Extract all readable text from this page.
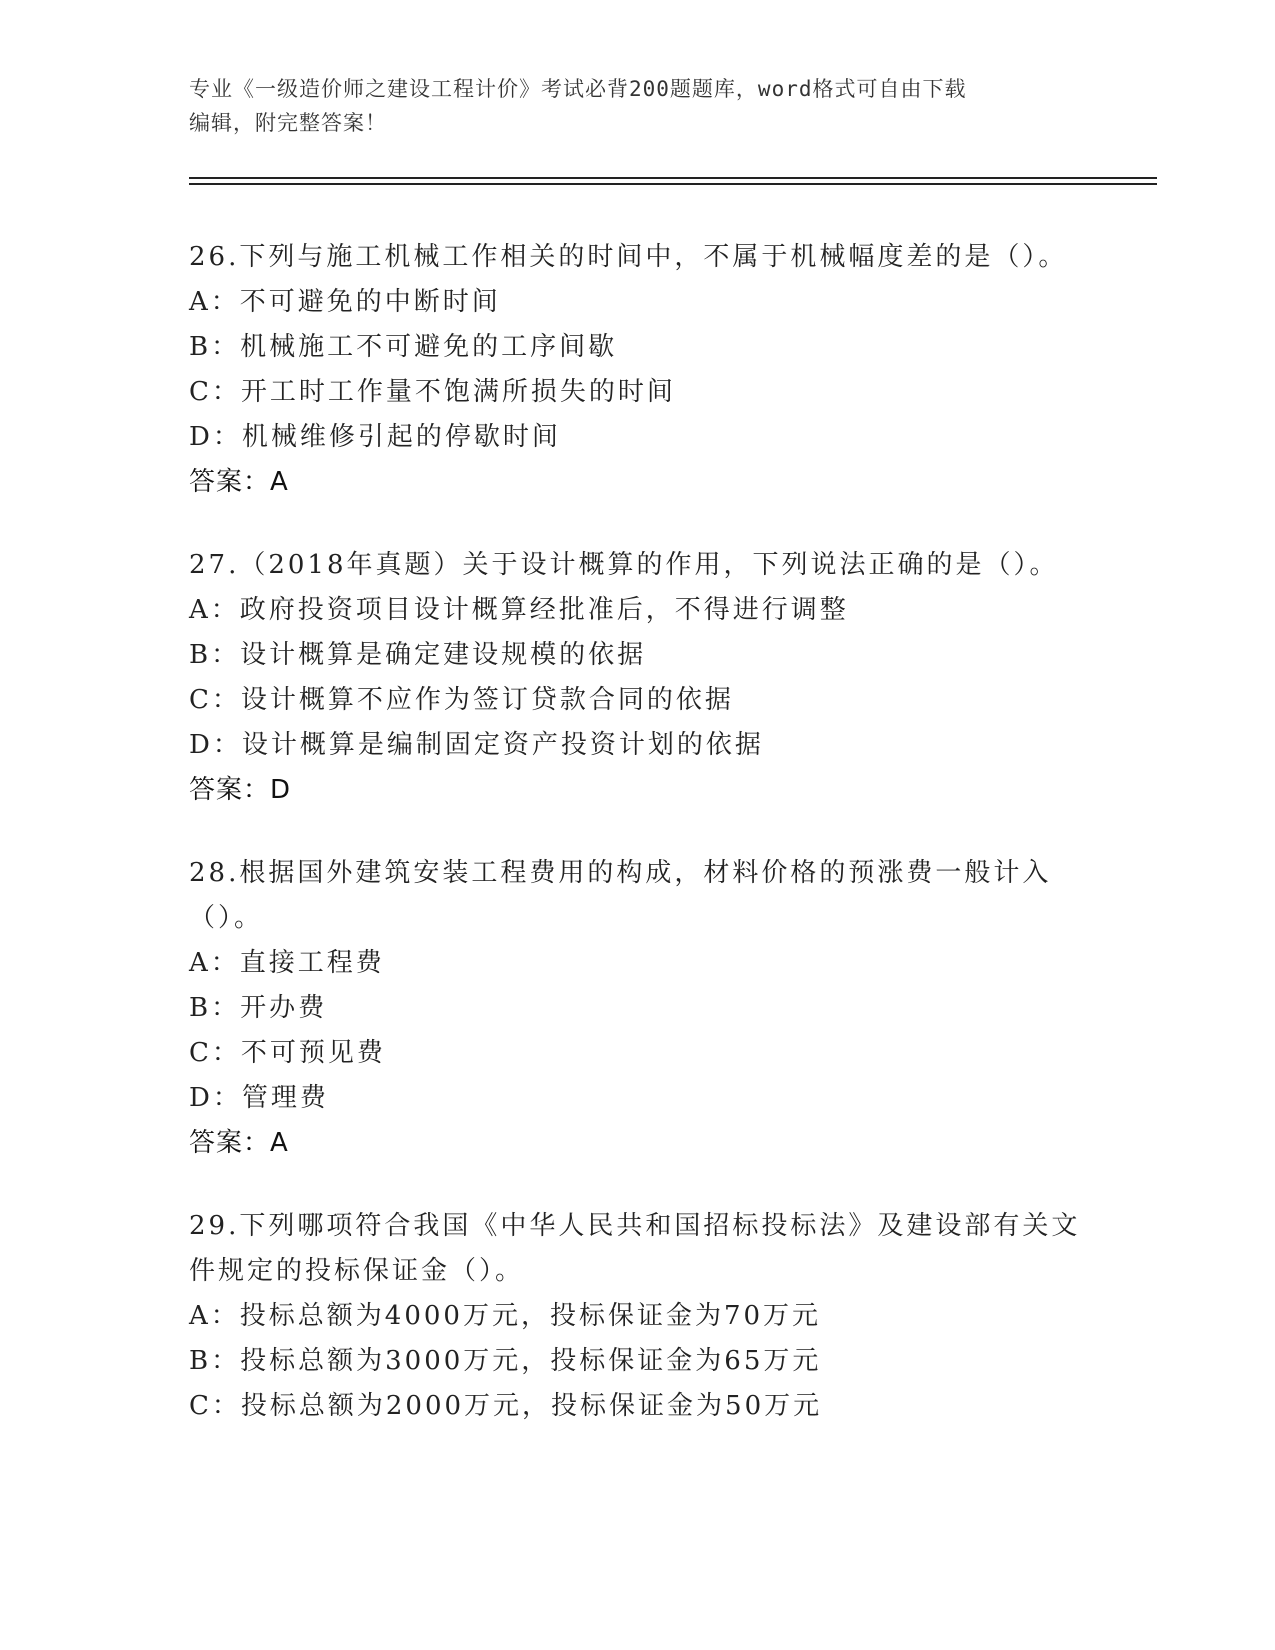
专业《一级造价师之建设工程计价》考试必背200题题库，word格式可自由下载
编辑，附完整答案！

26.下列与施工机械工作相关的时间中，不属于机械幅度差的是（）。

A：不可避免的中断时间

B：机械施工不可避免的工序间歇

C：开工时工作量不饱满所损失的时间

D：机械维修引起的停歇时间

答案：A

27.（2018年真题）关于设计概算的作用，下列说法正确的是（）。

A：政府投资项目设计概算经批准后，不得进行调整

B：设计概算是确定建设规模的依据

C：设计概算不应作为签订贷款合同的依据

D：设计概算是编制固定资产投资计划的依据

答案：D

28.根据国外建筑安装工程费用的构成，材料价格的预涨费一般计入（）。

A：直接工程费

B：开办费

C：不可预见费

D：管理费

答案：A

29.下列哪项符合我国《中华人民共和国招标投标法》及建设部有关文件规定的投标保证金（）。

A：投标总额为4000万元，投标保证金为70万元

B：投标总额为3000万元，投标保证金为65万元

C：投标总额为2000万元，投标保证金为50万元
